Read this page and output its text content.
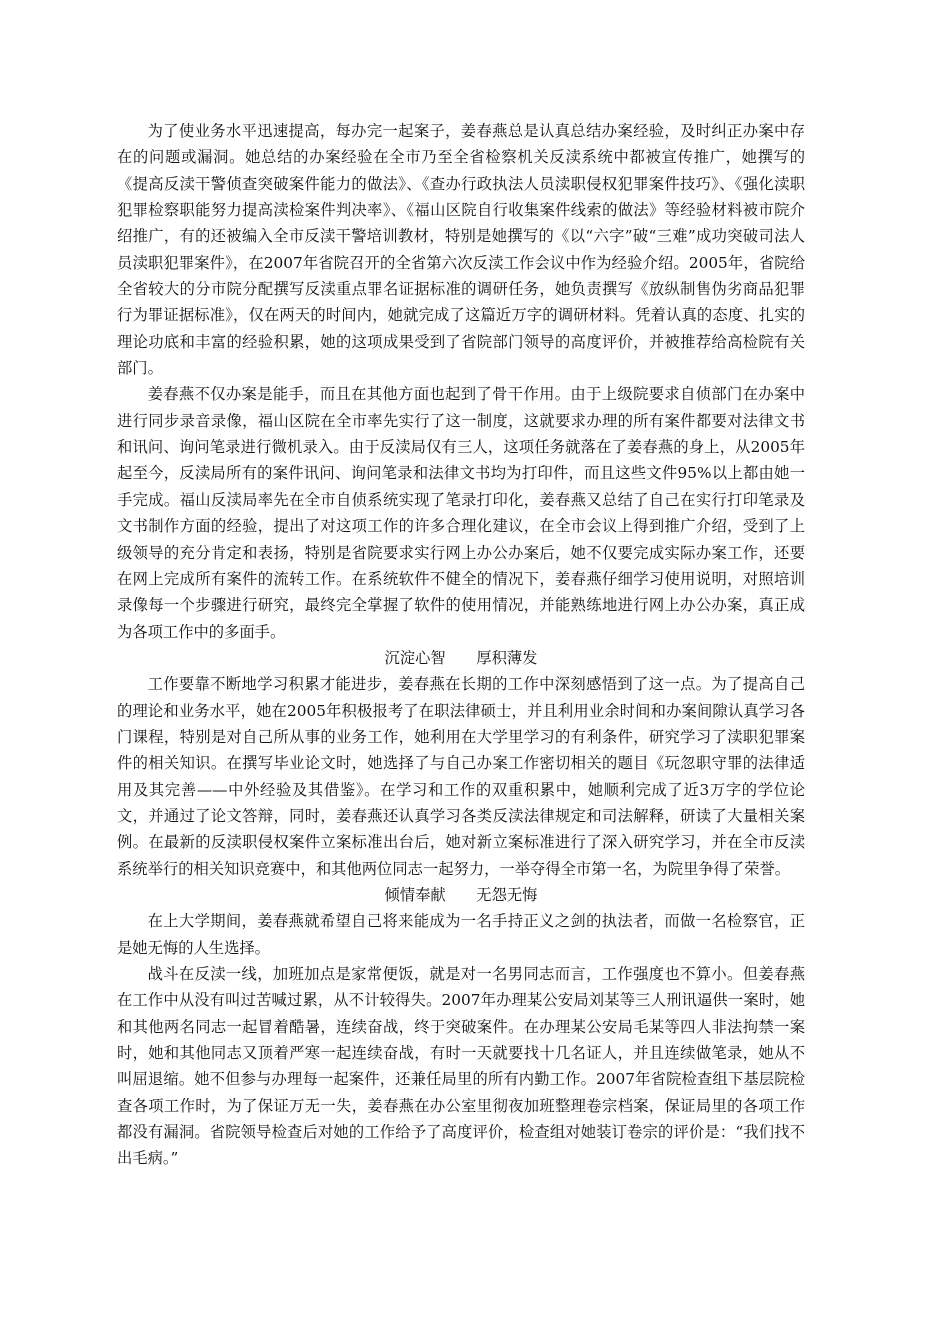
为了使业务水平迅速提高，每办完一起案子，姜春燕总是认真总结办案经验，及时纠正办案中存在的问题或漏洞。她总结的办案经验在全市乃至全省检察机关反渎系统中都被宣传推广，她撰写的《提高反渎干警侦查突破案件能力的做法》、《查办行政执法人员渎职侵权犯罪案件技巧》、《强化渎职犯罪检察职能努力提高渎检案件判决率》、《福山区院自行收集案件线索的做法》等经验材料被市院介绍推广，有的还被编入全市反渎干警培训教材，特别是她撰写的《以“六字”破“三难”成功突破司法人员渎职犯罪案件》，在2007年省院召开的全省第六次反渎工作会议中作为经验介绍。2005年，省院给全省较大的分市院分配撰写反渎重点罪名证据标准的调研任务，她负责撰写《放纵制售伪劣商品犯罪行为罪证据标准》，仅在两天的时间内，她就完成了这篇近万字的调研材料。凭着认真的态度、扎实的理论功底和丰富的经验积累，她的这项成果受到了省院部门领导的高度评价，并被推荐给高检院有关部门。

姜春燕不仅办案是能手，而且在其他方面也起到了骨干作用。由于上级院要求自侦部门在办案中进行同步录音录像，福山区院在全市率先实行了这一制度，这就要求办理的所有案件都要对法律文书和讯问、询问笔录进行微机录入。由于反渎局仅有三人，这项任务就落在了姜春燕的身上，从2005年起至今，反渎局所有的案件讯问、询问笔录和法律文书均为打印件，而且这些文件95%以上都由她一手完成。福山反渎局率先在全市自侦系统实现了笔录打印化，姜春燕又总结了自己在实行打印笔录及文书制作方面的经验，提出了对这项工作的许多合理化建议，在全市会议上得到推广介绍，受到了上级领导的充分肯定和表扬，特别是省院要求实行网上办公办案后，她不仅要完成实际办案工作，还要在网上完成所有案件的流转工作。在系统软件不健全的情况下，姜春燕仔细学习使用说明，对照培训录像每一个步骤进行研究，最终完全掌握了软件的使用情况，并能熟练地进行网上办公办案，真正成为各项工作中的多面手。

沉淀心智　　厚积薄发

工作要靠不断地学习积累才能进步，姜春燕在长期的工作中深刻感悟到了这一点。为了提高自己的理论和业务水平，她在2005年积极报考了在职法律硕士，并且利用业余时间和办案间隙认真学习各门课程，特别是对自己所从事的业务工作，她利用在大学里学习的有利条件，研究学习了渎职犯罪案件的相关知识。在撰写毕业论文时，她选择了与自己办案工作密切相关的题目《玩忽职守罪的法律适用及其完善——中外经验及其借鉴》。在学习和工作的双重积累中，她顺利完成了近3万字的学位论文，并通过了论文答辩，同时，姜春燕还认真学习各类反渎法律规定和司法解释，研读了大量相关案例。在最新的反渎职侵权案件立案标准出台后，她对新立案标准进行了深入研究学习，并在全市反渎系统举行的相关知识竞赛中，和其他两位同志一起努力，一举夺得全市第一名，为院里争得了荣誉。

倾情奉献　　无怨无悔

在上大学期间，姜春燕就希望自己将来能成为一名手持正义之剑的执法者，而做一名检察官，正是她无悔的人生选择。

战斗在反渎一线，加班加点是家常便饭，就是对一名男同志而言，工作强度也不算小。但姜春燕在工作中从没有叫过苦喊过累，从不计较得失。2007年办理某公安局刘某等三人刑讯逼供一案时，她和其他两名同志一起冒着酷暑，连续奋战，终于突破案件。在办理某公安局毛某等四人非法拘禁一案时，她和其他同志又顶着严寒一起连续奋战，有时一天就要找十几名证人，并且连续做笔录，她从不叫屈退缩。她不但参与办理每一起案件，还兼任局里的所有内勤工作。2007年省院检查组下基层院检查各项工作时，为了保证万无一失，姜春燕在办公室里彻夜加班整理卷宗档案，保证局里的各项工作都没有漏洞。省院领导检查后对她的工作给予了高度评价，检查组对她装订卷宗的评价是：“我们找不出毛病。”
